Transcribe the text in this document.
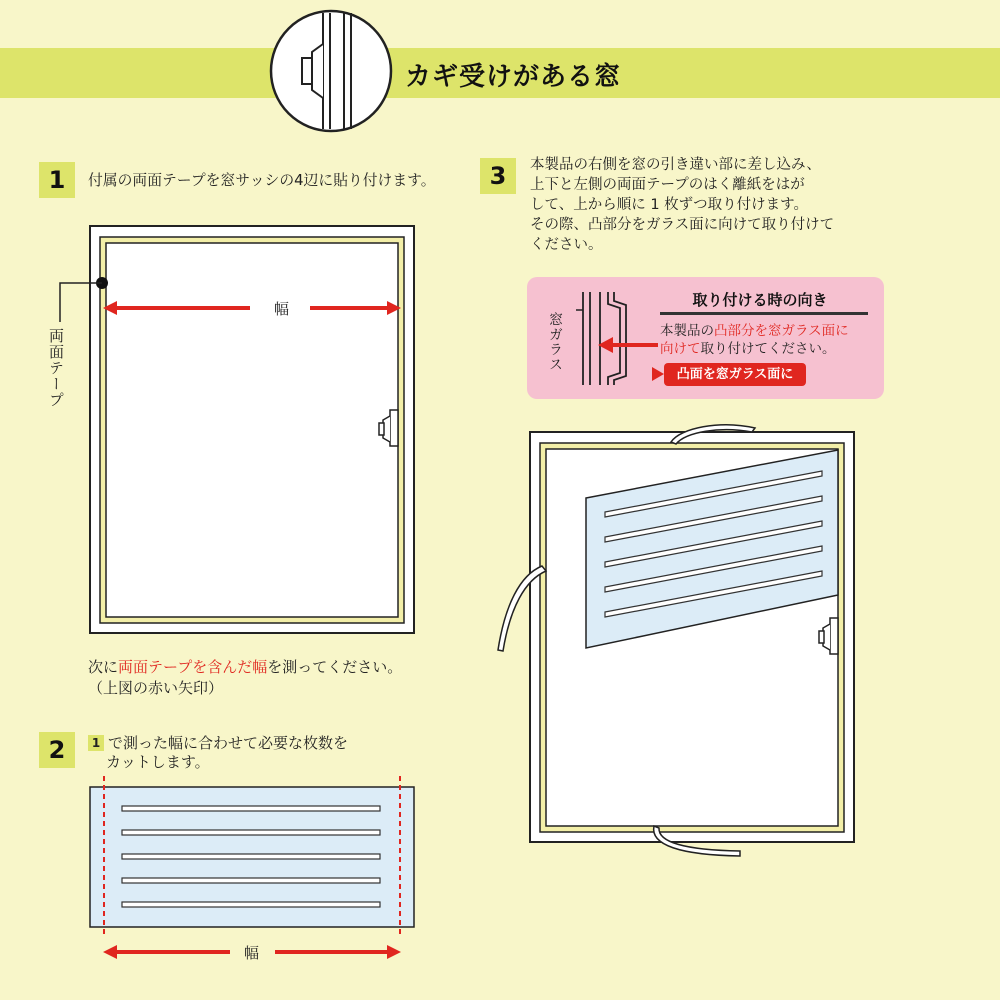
カギ受けがある窓
1	付属の両面テープを窓サッシの4辺に貼り付けます。
両面テープ
幅
次に両面テープを含んだ幅を測ってください。
（上図の赤い矢印）
2	1 で測った幅に合わせて必要な枚数を
カットします。
幅
3	本製品の右側を窓の引き違い部に差し込み、
上下と左側の両面テープのはく離紙をはが
して、上から順に 1 枚ずつ取り付けます。
その際、凸部分をガラス面に向けて取り付けて
ください。
窓ガラス
取り付ける時の向き
本製品の凸部分を窓ガラス面に
向けて取り付けてください。
凸面を窓ガラス面に
